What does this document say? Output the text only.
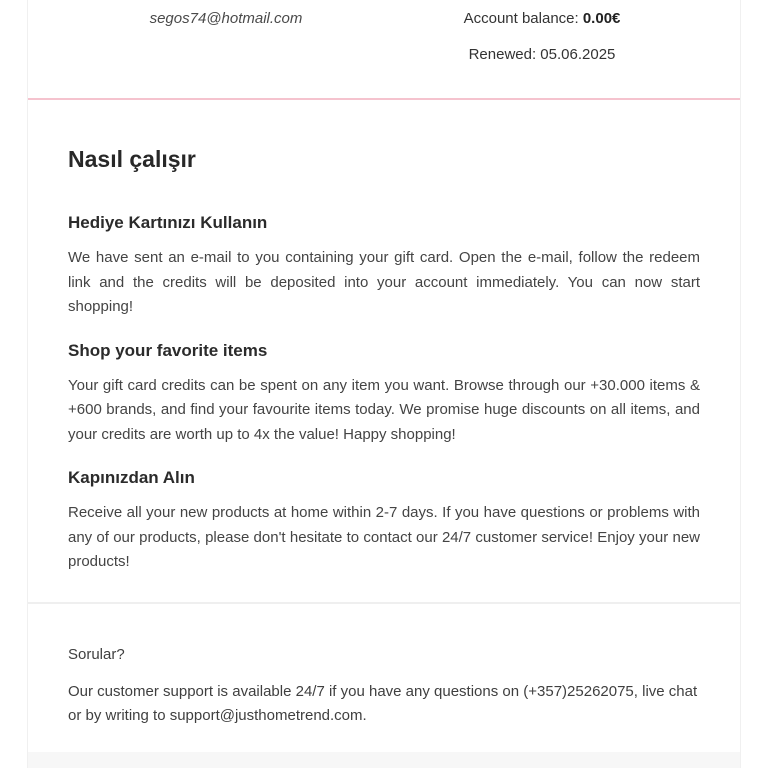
segos74@hotmail.com	Account balance: 0.00€
Renewed: 05.06.2025
Nasıl çalışır
Hediye Kartınızı Kullanın

We have sent an e-mail to you containing your gift card. Open the e-mail, follow the redeem link and the credits will be deposited into your account immediately. You can now start shopping!

Shop your favorite items

Your gift card credits can be spent on any item you want. Browse through our +30.000 items & +600 brands, and find your favourite items today. We promise huge discounts on all items, and your credits are worth up to 4x the value! Happy shopping!

Kapınızdan Alın

Receive all your new products at home within 2-7 days. If you have questions or problems with any of our products, please don't hesitate to contact our 24/7 customer service! Enjoy your new products!

Sorular?

Our customer support is available 24/7 if you have any questions on (+357)25262075, live chat or by writing to support@justhometrend.com.
